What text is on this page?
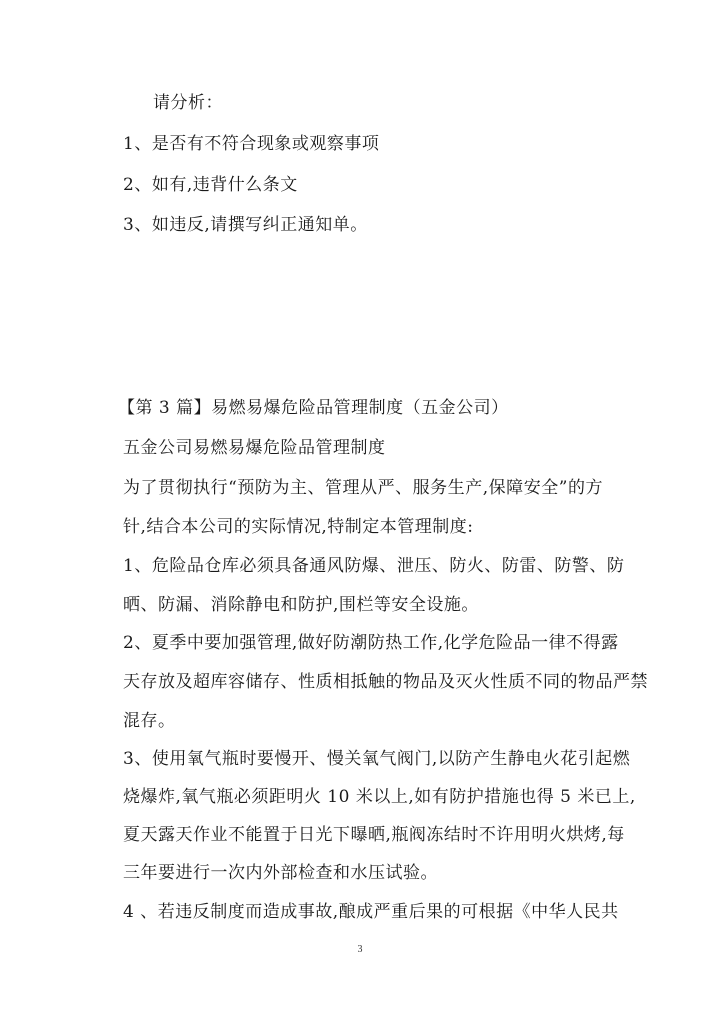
请分析：
1、是否有不符合现象或观察事项
2、如有,违背什么条文
3、如违反,请撰写纠正通知单。
【第 3 篇】易燃易爆危险品管理制度（五金公司）
五金公司易燃易爆危险品管理制度
为了贯彻执行“预防为主、管理从严、服务生产,保障安全”的方
针,结合本公司的实际情况,特制定本管理制度:
1、危险品仓库必须具备通风防爆、泄压、防火、防雷、防警、防
晒、防漏、消除静电和防护,围栏等安全设施。
2、夏季中要加强管理,做好防潮防热工作,化学危险品一律不得露
天存放及超库容储存、性质相抵触的物品及灭火性质不同的物品严禁
混存。
3、使用氧气瓶时要慢开、慢关氧气阀门,以防产生静电火花引起燃
烧爆炸,氧气瓶必须距明火 10 米以上,如有防护措施也得 5 米已上,
夏天露天作业不能置于日光下曝晒,瓶阀冻结时不许用明火烘烤,每
三年要进行一次内外部检查和水压试验。
4 、若违反制度而造成事故,酿成严重后果的可根据《中华人民共
3
